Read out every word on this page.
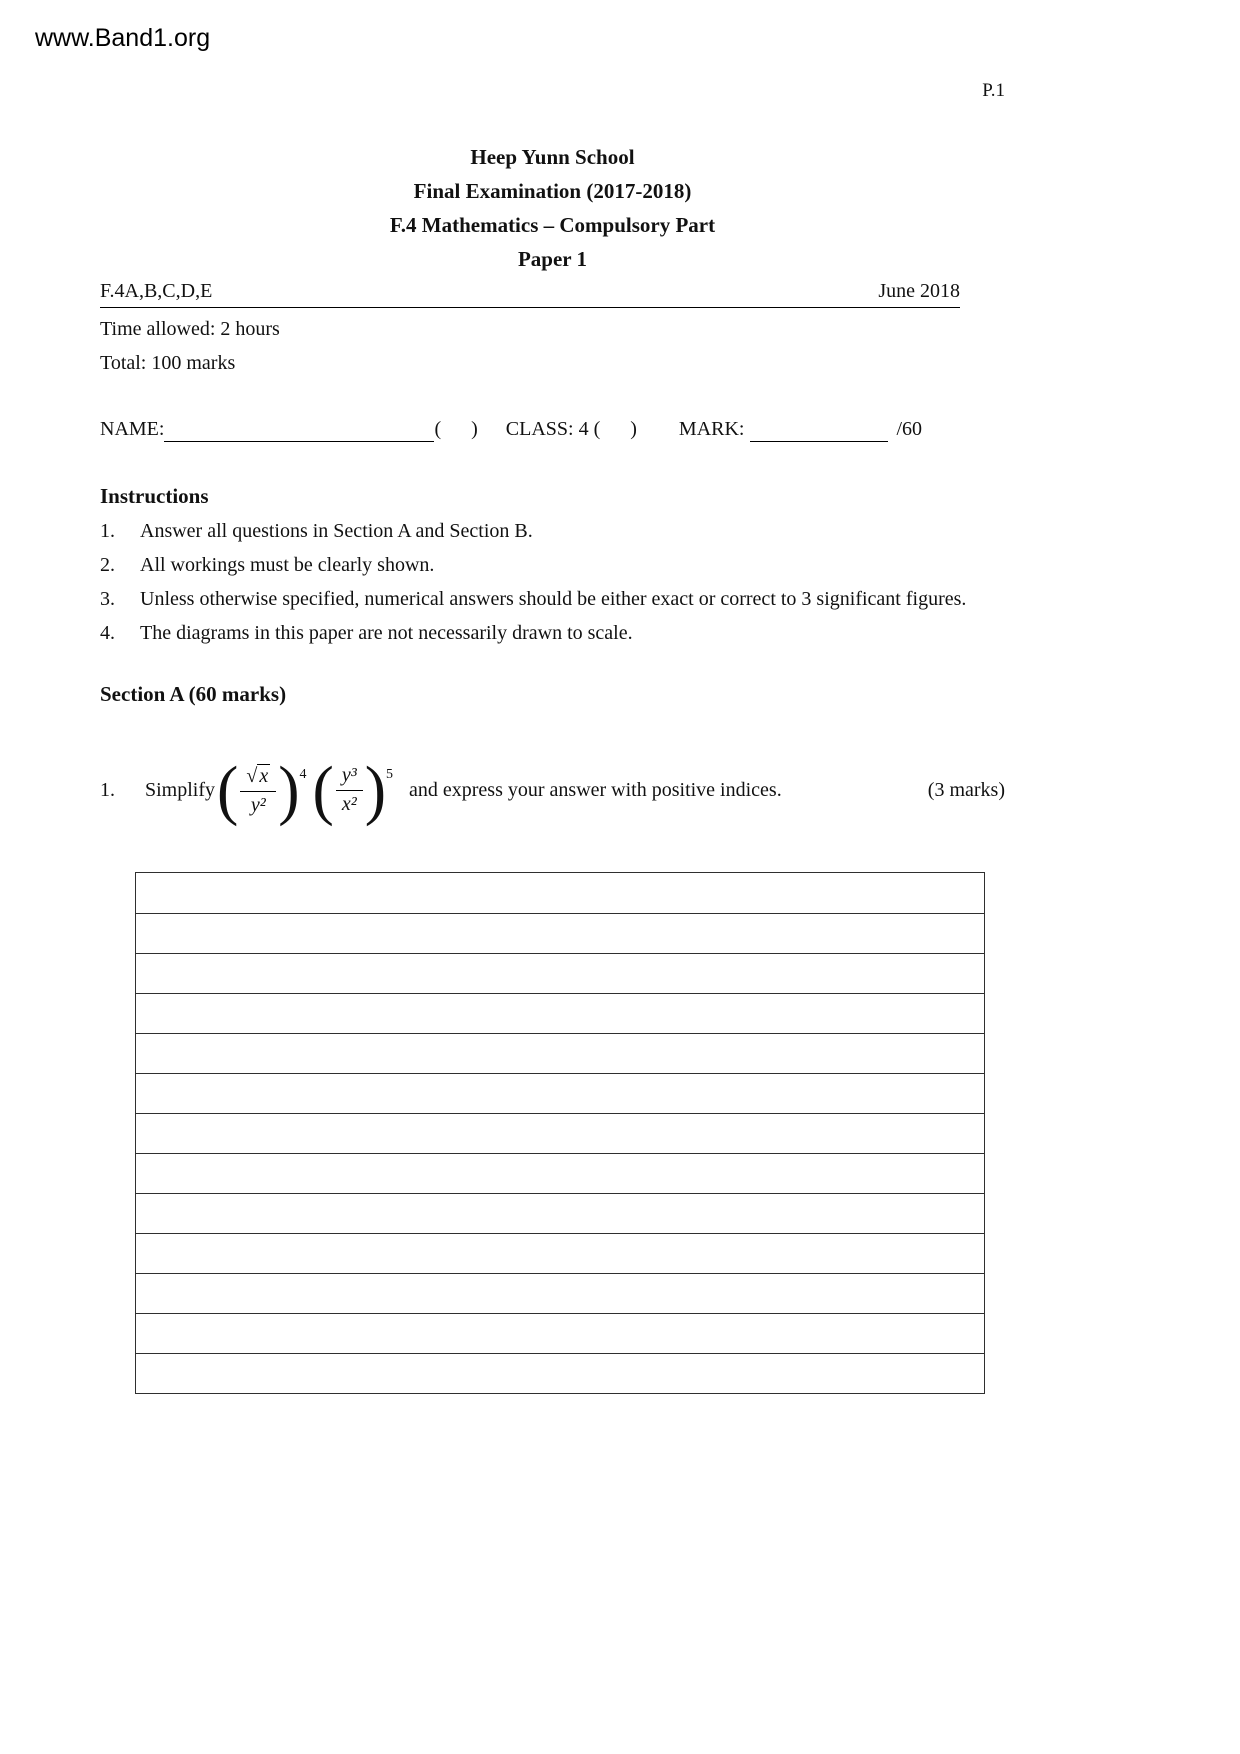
www.Band1.org
P.1
Heep Yunn School
Final Examination (2017-2018)
F.4 Mathematics – Compulsory Part
Paper 1
F.4A,B,C,D,E	June 2018
Time allowed: 2 hours
Total: 100 marks
NAME:	(      ) CLASS: 4 (      ) MARK:	/60
Instructions
1.	Answer all questions in Section A and Section B.
2.	All workings must be clearly shown.
3.	Unless otherwise specified, numerical answers should be either exact or correct to 3 significant figures.
4.	The diagrams in this paper are not necessarily drawn to scale.
Section A (60 marks)
1.	Simplify ( $\frac{√ x}{\text{y²}}$ ) 4 ( $\frac{\text{y³}}{\text{x²}}$ ) 5
and express your answer with positive indices.	(3 marks)
